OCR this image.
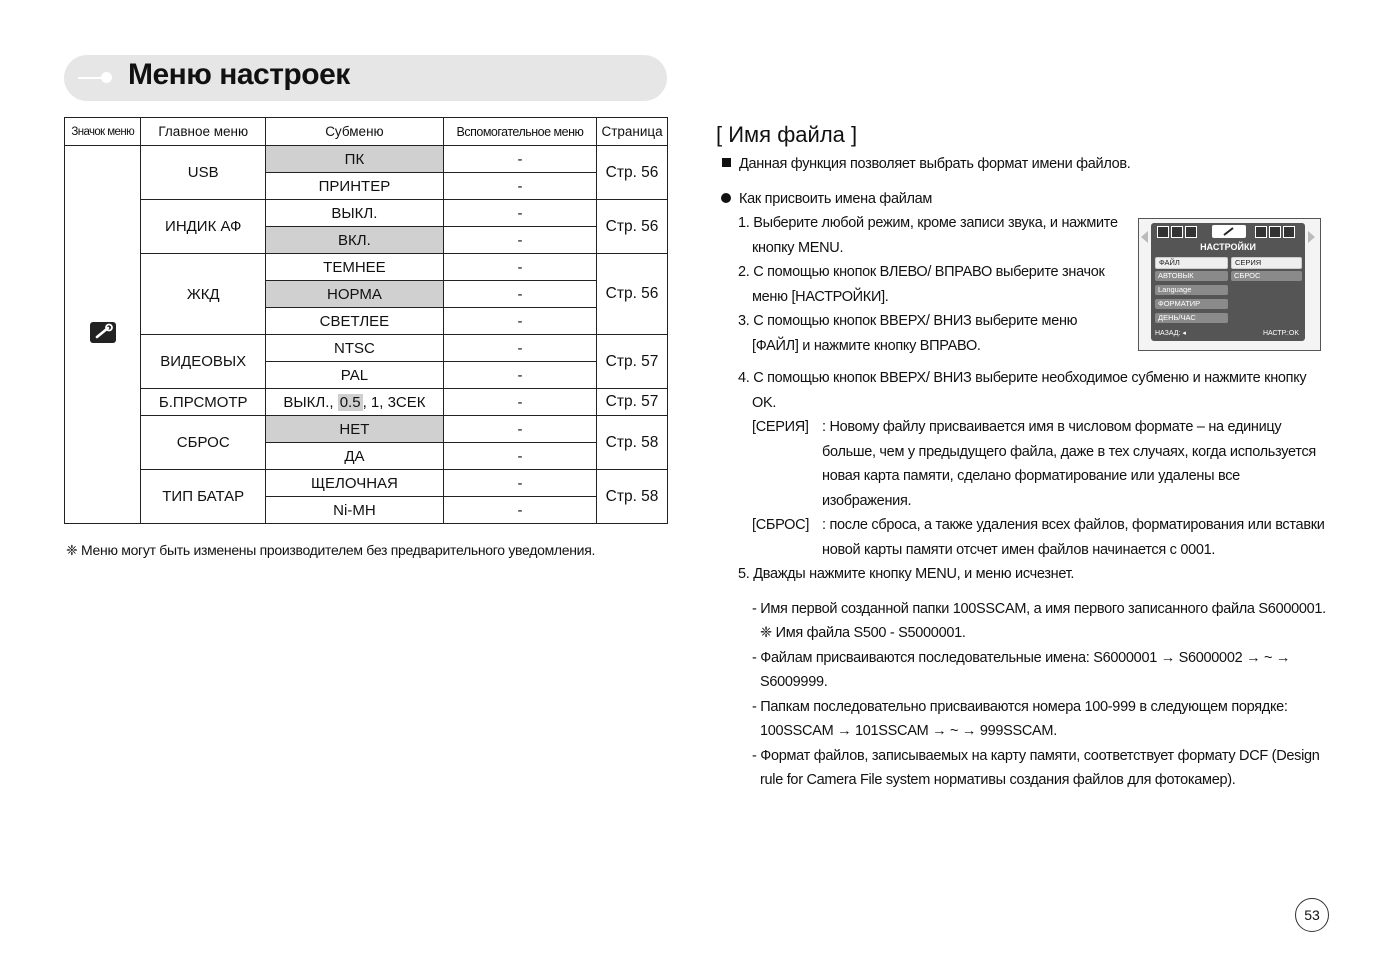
Меню настроек
Значок меню	Главное меню	Субменю	Вспомогательное меню	Страница
	USB	ПК	-	Стр. 56
		ПРИНТЕР	-	
	ИНДИК АФ	ВЫКЛ.	-	Стр. 56
		ВКЛ.	-	
	ЖКД	ТЕМНЕЕ	-	Стр. 56
		НОРМА	-	
		СВЕТЛЕЕ	-	
	ВИДЕОВЫХ	NTSC	-	Стр. 57
		PAL	-	
	Б.ПРСМОТР	ВЫКЛ., 0.5 , 1, 3СЕК	-	Стр. 57
	СБРОС	НЕТ	-	Стр. 58
		ДА	-	
	ТИП БАТАР	ЩЕЛОЧНАЯ	-	Стр. 58
		Ni-MH	-	
❈ Меню могут быть изменены производителем без предварительного уведомления.
[ Имя файла ]
Данная функция позволяет выбрать формат имени файлов.
Как присвоить имена файлам
1. Выберите любой режим, кроме записи звука, и нажмите кнопку MENU.
2. С помощью кнопок ВЛЕВО/ ВПРАВО выберите значок меню [НАСТРОЙКИ].
3. С помощью кнопок ВВЕРХ/ ВНИЗ выберите меню [ФАЙЛ] и нажмите кнопку ВПРАВО.
4. С помощью кнопок ВВЕРХ/ ВНИЗ выберите необходимое субменю и нажмите кнопку OK.
[СЕРИЯ] : Новому файлу присваивается имя в числовом формате – на единицу больше, чем у предыдущего файла, даже в тех случаях, когда используется новая карта памяти, сделано форматирование или удалены все изображения.
[СБРОС] : после сброса, а также удаления всех файлов, форматирования или вставки новой карты памяти отсчет имен файлов начинается с 0001.
5. Дважды нажмите кнопку MENU, и меню исчезнет.
- Имя первой созданной папки 100SSCAM, а имя первого записанного файла S6000001.
❈ Имя файла S500 - S5000001.
- Файлам присваиваются последовательные имена: S6000001 → S6000002 → ~ → S6009999.
- Папкам последовательно присваиваются номера 100-999 в следующем порядке: 100SSCAM → 101SSCAM → ~ → 999SSCAM.
- Формат файлов, записываемых на карту памяти, соответствует формату DCF (Design rule for Camera File system нормативы создания файлов для фотокамер).
НАСТРОЙКИ
ФАЙЛ
АВТОВЫК
Language
ФОРМАТИР
ДЕНЬ/ЧАС
СЕРИЯ
СБРОС
НАЗАД: ◂	НАСТР.:OK
53
